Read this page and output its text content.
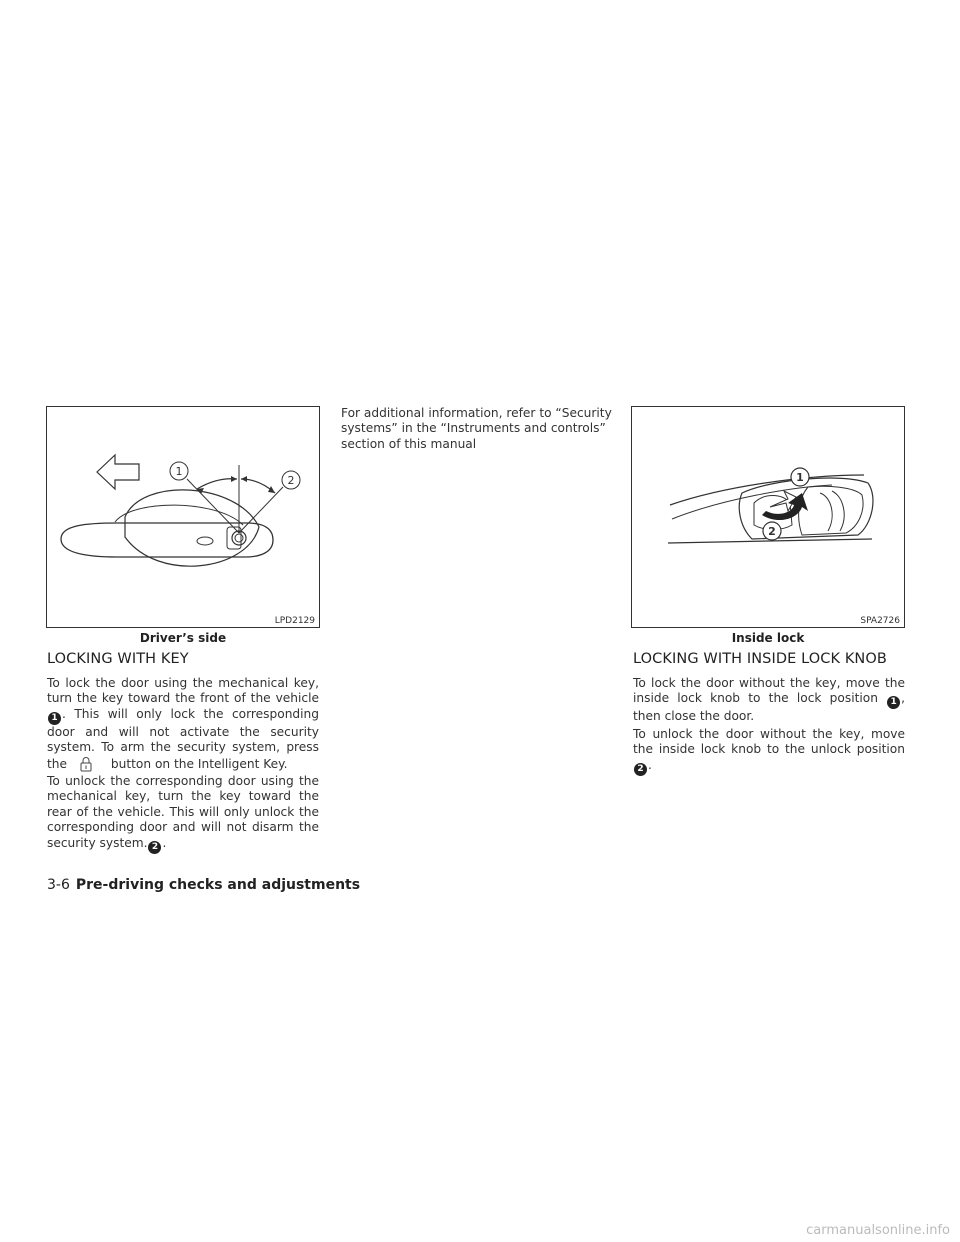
1
2
LPD2129
Driver’s side
1
2
SPA2726
Inside lock
LOCKING WITH KEY
To lock the door using the mechanical key, turn the key toward the front of the vehicle 1 . This will only lock the corresponding door and will not activate the security system. To arm the security system, press the	button on the Intelligent Key.
To unlock the corresponding door using the mechanical key, turn the key toward the rear of the vehicle. This will only unlock the corresponding door and will not disarm the security system. 2 .
For additional information, refer to “Security systems” in the “Instruments and controls” section of this manual
LOCKING WITH INSIDE LOCK KNOB
To lock the door without the key, move the inside lock knob to the lock position 1 , then close the door.
To unlock the door without the key, move the inside lock knob to the unlock position 2 .
3-6 Pre-driving checks and adjustments
carmanualsonline.info
